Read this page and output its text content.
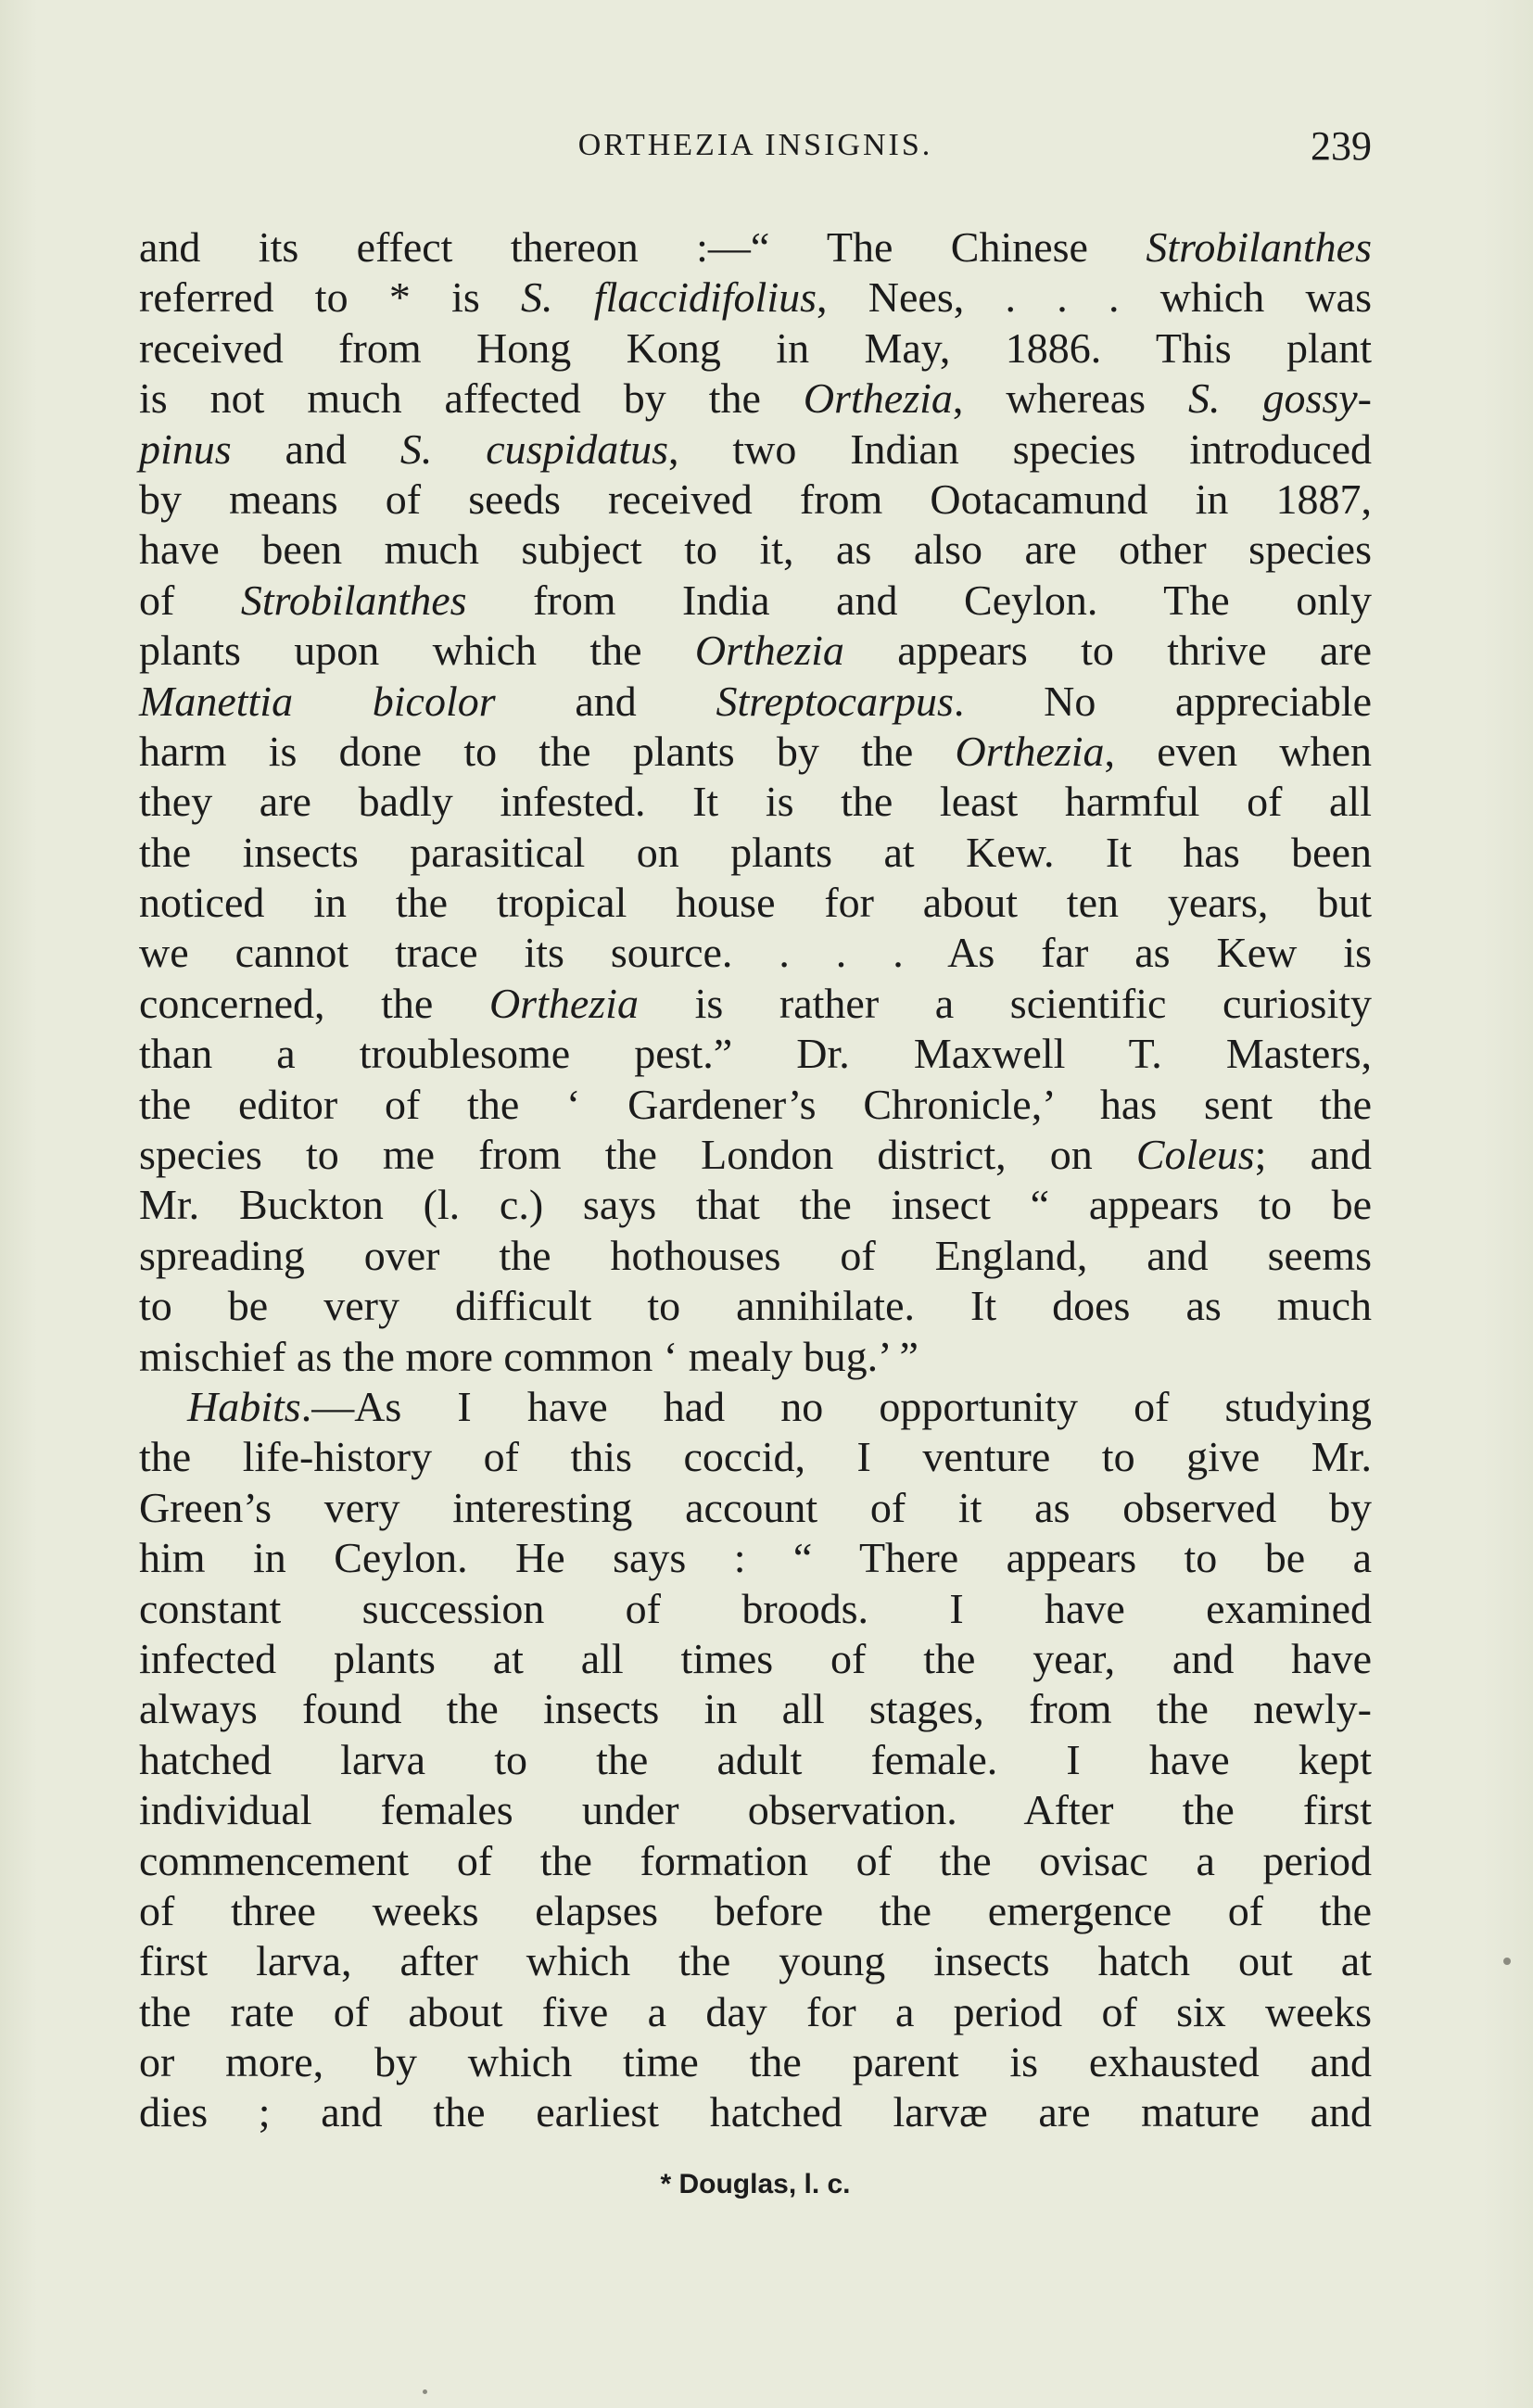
ORTHEZIA INSIGNIS.	239
and its effect thereon :—“ The Chinese Strobilanthes
referred to * is S. flaccidifolius, Nees, . . . which was
received from Hong Kong in May, 1886. This plant
is not much affected by the Orthezia, whereas S. gossy-
pinus and S. cuspidatus, two Indian species introduced
by means of seeds received from Ootacamund in 1887,
have been much subject to it, as also are other species
of Strobilanthes from India and Ceylon. The only
plants upon which the Orthezia appears to thrive are
Manettia bicolor and Streptocarpus. No appreciable
harm is done to the plants by the Orthezia, even when
they are badly infested. It is the least harmful of all
the insects parasitical on plants at Kew. It has been
noticed in the tropical house for about ten years, but
we cannot trace its source. . . . As far as Kew is
concerned, the Orthezia is rather a scientific curiosity
than a troublesome pest.” Dr. Maxwell T. Masters,
the editor of the ‘ Gardener’s Chronicle,’ has sent the
species to me from the London district, on Coleus; and
Mr. Buckton (l. c.) says that the insect “ appears to be
spreading over the hothouses of England, and seems
to be very difficult to annihilate. It does as much
mischief as the more common ‘ mealy bug.’ ”
Habits.—As I have had no opportunity of studying
the life-history of this coccid, I venture to give Mr.
Green’s very interesting account of it as observed by
him in Ceylon. He says : “ There appears to be a
constant succession of broods. I have examined
infected plants at all times of the year, and have
always found the insects in all stages, from the newly-
hatched larva to the adult female. I have kept
individual females under observation. After the first
commencement of the formation of the ovisac a period
of three weeks elapses before the emergence of the
first larva, after which the young insects hatch out at
the rate of about five a day for a period of six weeks
or more, by which time the parent is exhausted and
dies ; and the earliest hatched larvæ are mature and
* Douglas, l. c.
